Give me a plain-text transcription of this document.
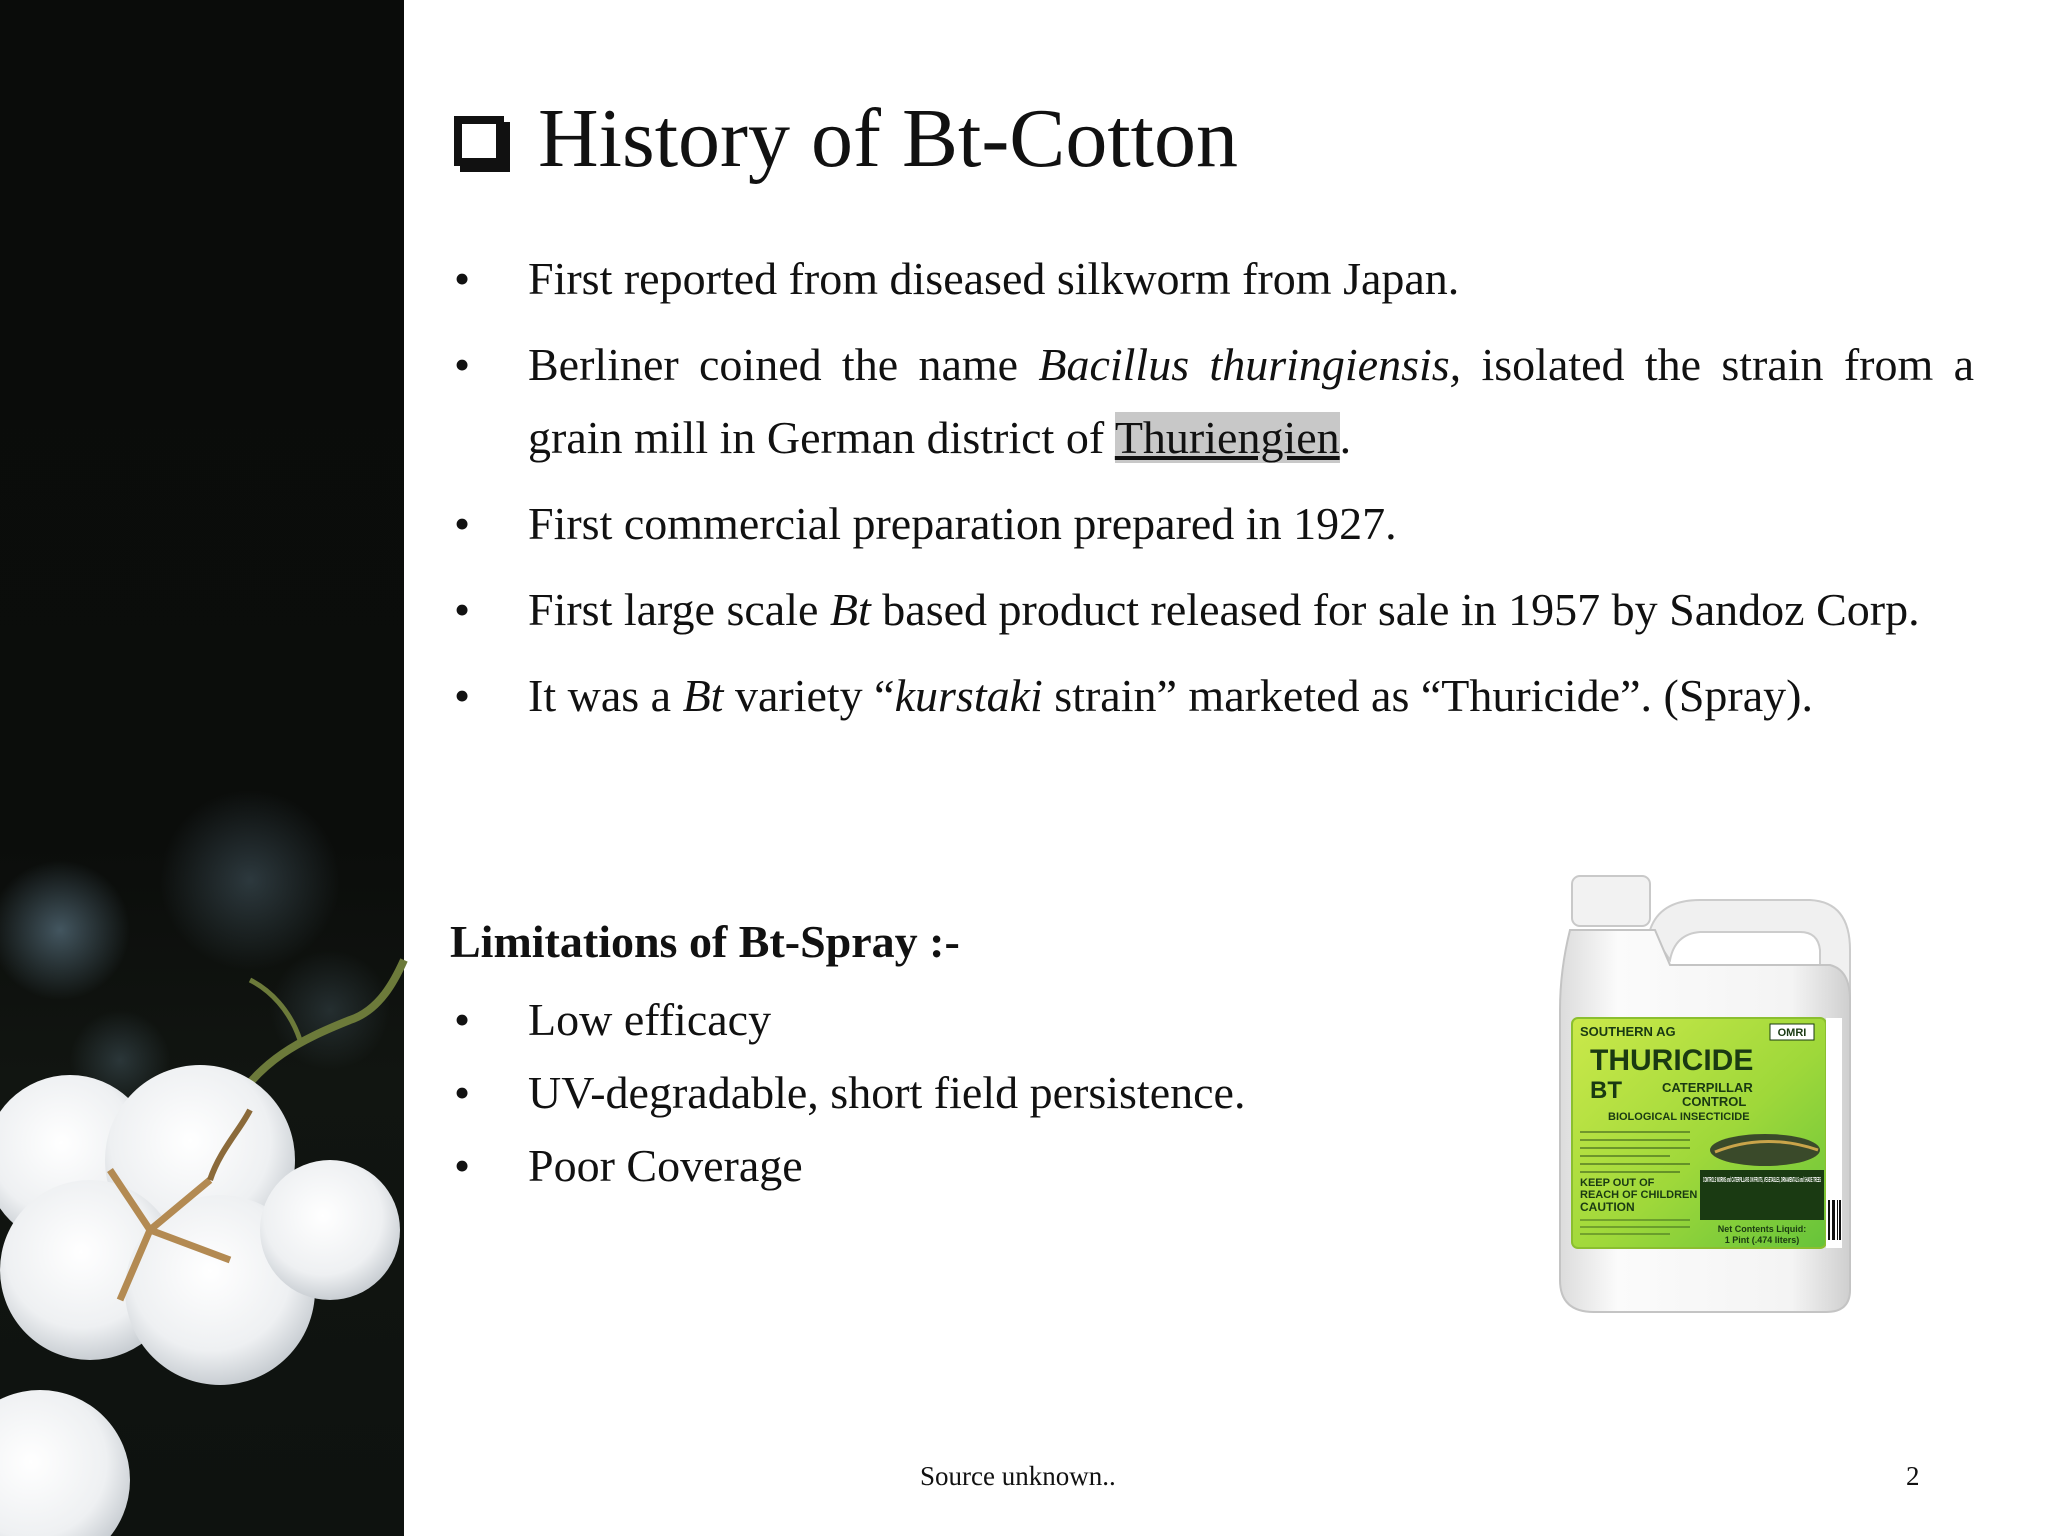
History of Bt-Cotton
• First reported from diseased silkworm from Japan.
• Berliner coined the name Bacillus thuringiensis, isolated the strain from a grain mill in German district of Thuriengien.
• First commercial preparation prepared in 1927.
• First large scale Bt based product released for sale in 1957 by Sandoz Corp.
• It was a Bt variety “kurstaki strain” marketed as “Thuricide”. (Spray).
Limitations of Bt-Spray :-
• Low efficacy
• UV-degradable, short field persistence.
• Poor Coverage
SOUTHERN AG	OMRI
THURICIDE
BT	CATERPILLAR
CONTROL
BIOLOGICAL INSECTICIDE
CONTROLS WORMS and CATERPILLARS ON FRUITS, VEGETABLES, ORNAMENTALS and SHADE TREES
KEEP OUT OF
REACH OF CHILDREN
CAUTION
Net Contents Liquid:
1 Pint (.474 liters)
Source unknown..	2
